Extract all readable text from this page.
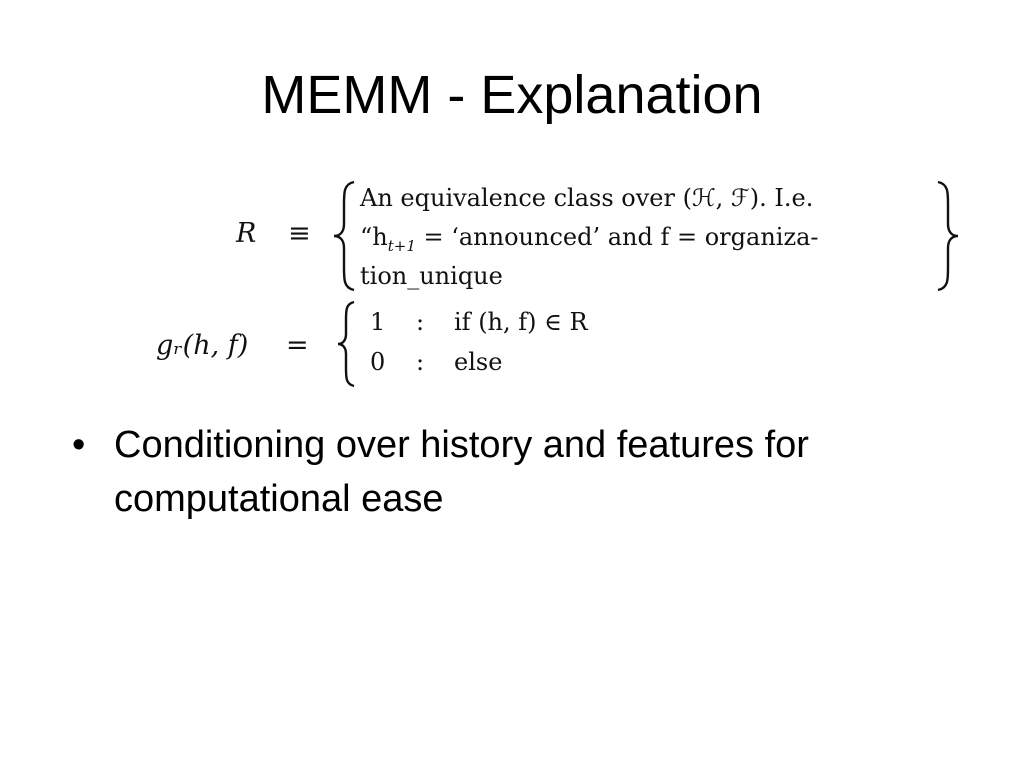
MEMM - Explanation
R ≡
An equivalence class over (ℋ, ℱ). I.e.
“$h_{t+1}$ = ‘announced’ and f = organiza-
tion_unique
gᵣ(h, f) =
1 : if (h, f) ∈ R
0 : else
• Conditioning over history and features for computational ease
